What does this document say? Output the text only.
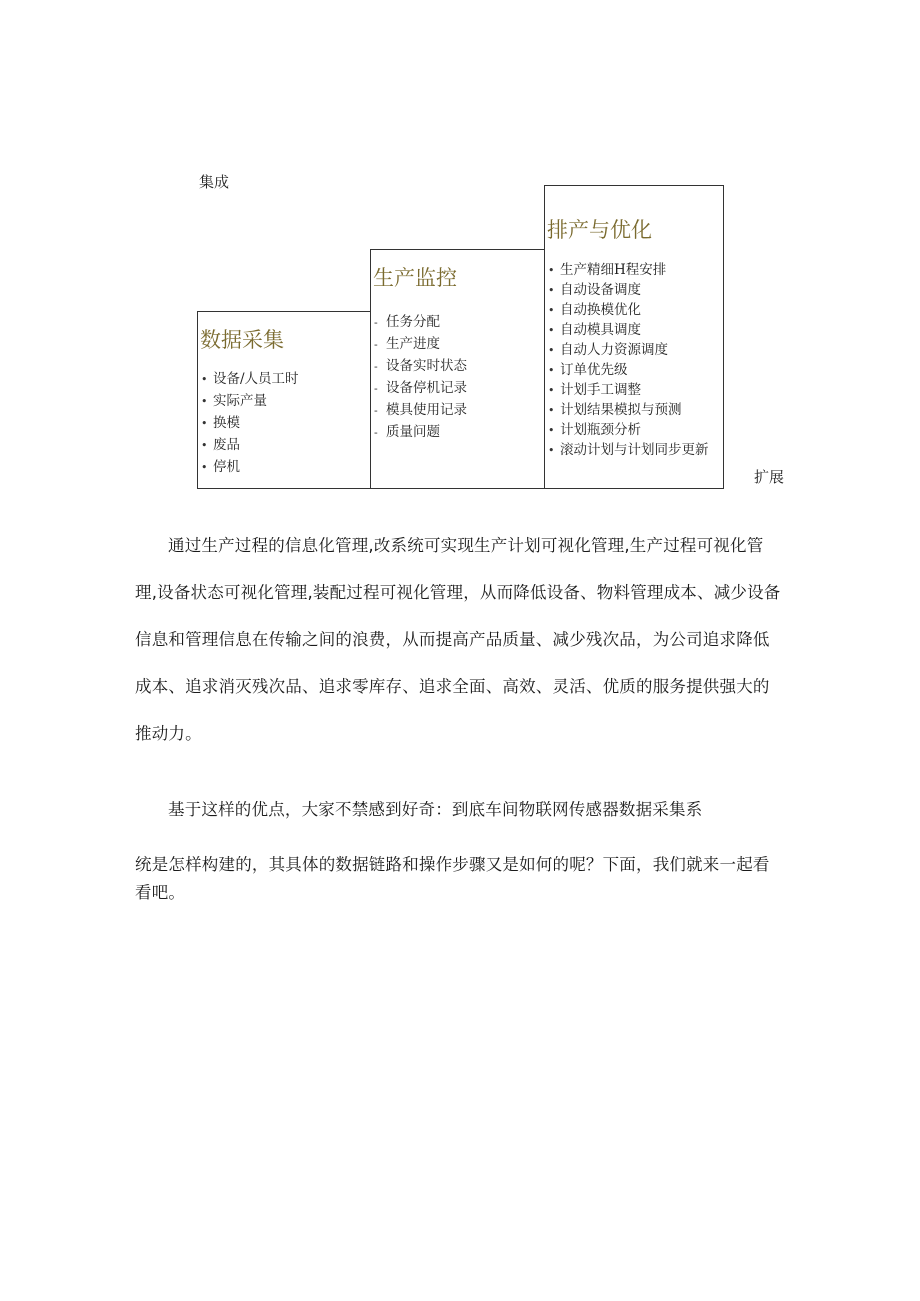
集成
数据采集
• 设备/人员工时
• 实际产量
• 换模
• 废品
• 停机
生产监控
- 任务分配
- 生产进度
- 设备实时状态
- 设备停机记录
- 模具使用记录
- 质量问题
排产与优化
• 生产精细H程安排
• 自动设备调度
• 自动换模优化
• 自动模具调度
• 自动人力资源调度
• 订单优先级
• 计划手工调整
• 计划结果模拟与预测
• 计划瓶颈分析
• 滚动计划与计划同步更新
扩展

通过生产过程的信息化管理,改系统可实现生产计划可视化管理,生产过程可视化管理,设备状态可视化管理,装配过程可视化管理，从而降低设备、物料管理成本、减少设备信息和管理信息在传输之间的浪费，从而提高产品质量、减少残次品，为公司追求降低成本、追求消灭残次品、追求零库存、追求全面、高效、灵活、优质的服务提供强大的推动力。

基于这样的优点，大家不禁感到好奇：到底车间物联网传感器数据采集系

统是怎样构建的，其具体的数据链路和操作步骤又是如何的呢？下面，我们就来一起看看吧。
